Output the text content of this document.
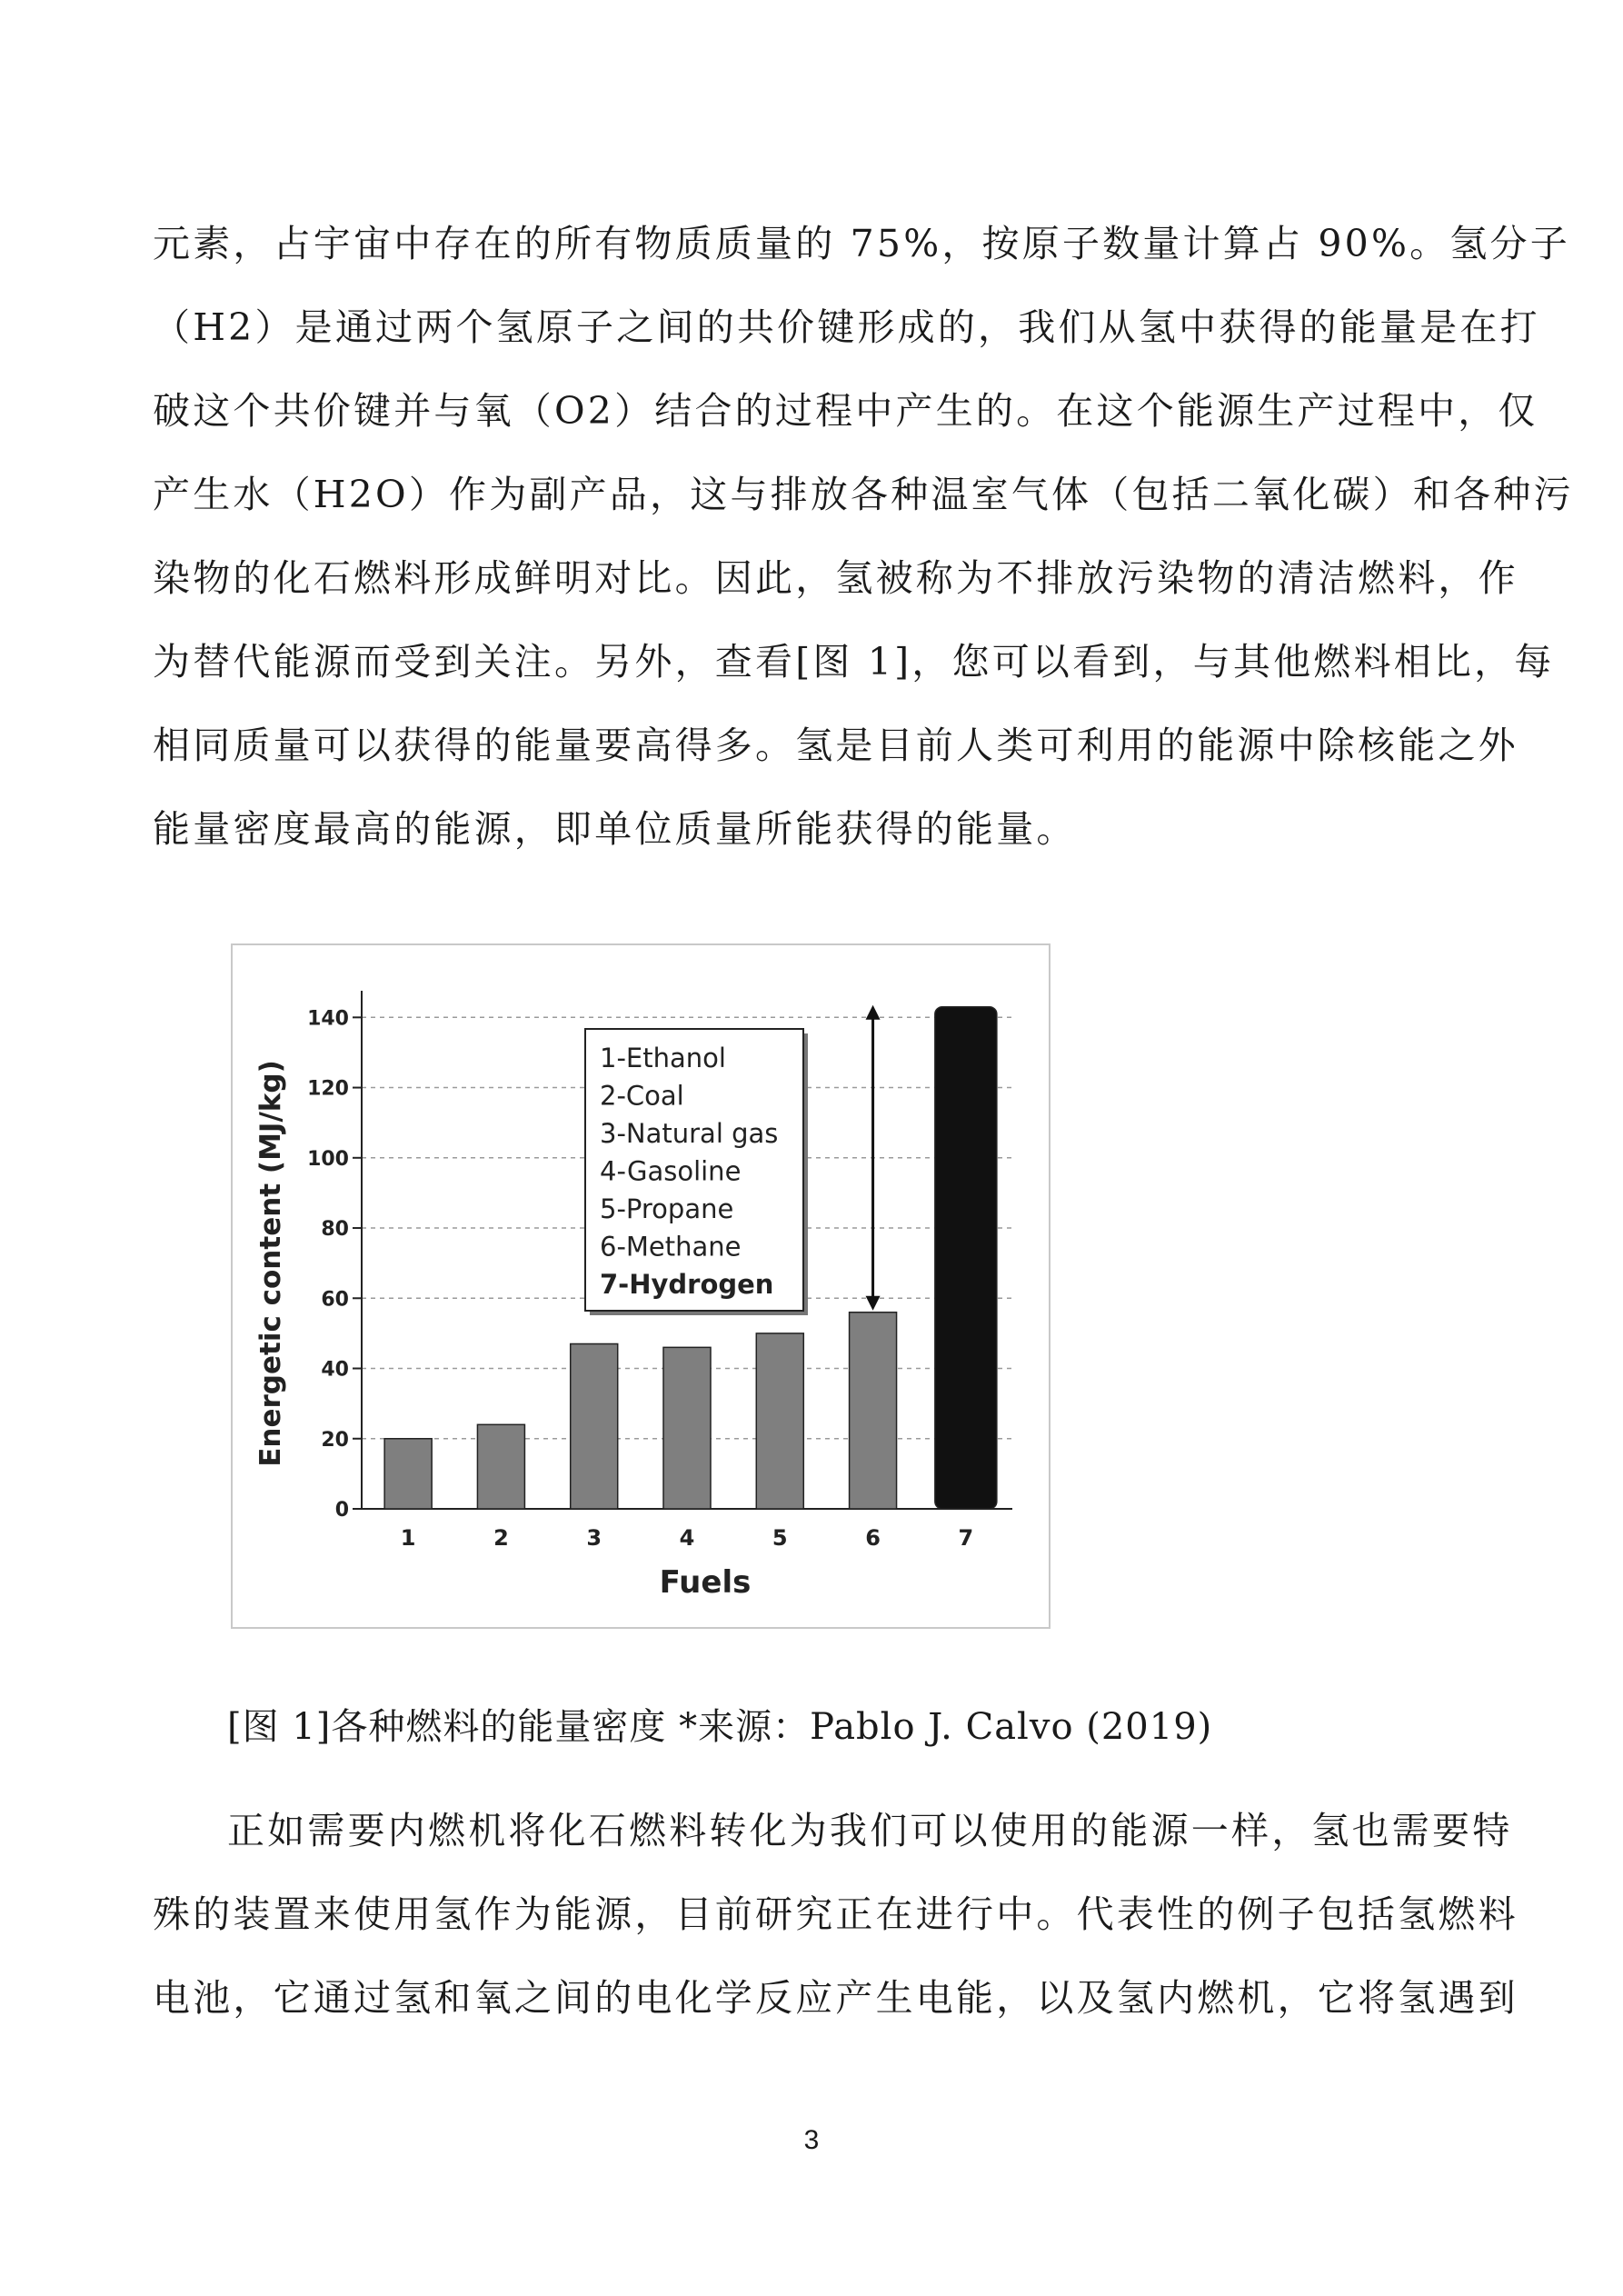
元素，占宇宙中存在的所有物质质量的 75%，按原子数量计算占 90%。氢分子
（H2）是通过两个氢原子之间的共价键形成的，我们从氢中获得的能量是在打
破这个共价键并与氧（O2）结合的过程中产生的。在这个能源生产过程中，仅
产生水（H2O）作为副产品，这与排放各种温室气体（包括二氧化碳）和各种污
染物的化石燃料形成鲜明对比。因此，氢被称为不排放污染物的清洁燃料，作
为替代能源而受到关注。另外，查看[图 1]，您可以看到，与其他燃料相比，每
相同质量可以获得的能量要高得多。氢是目前人类可利用的能源中除核能之外
能量密度最高的能源，即单位质量所能获得的能量。
0
20
40
60
80
100
120
140
1	2	3	4	5	6	7
Fuels
Energetic content (MJ/kg)
1-Ethanol
2-Coal
3-Natural gas
4-Gasoline
5-Propane
6-Methane
7-Hydrogen
[图 1]各种燃料的能量密度 *来源：Pablo J. Calvo (2019)
正如需要内燃机将化石燃料转化为我们可以使用的能源一样，氢也需要特
殊的装置来使用氢作为能源，目前研究正在进行中。代表性的例子包括氢燃料
电池，它通过氢和氧之间的电化学反应产生电能，以及氢内燃机，它将氢遇到
3
